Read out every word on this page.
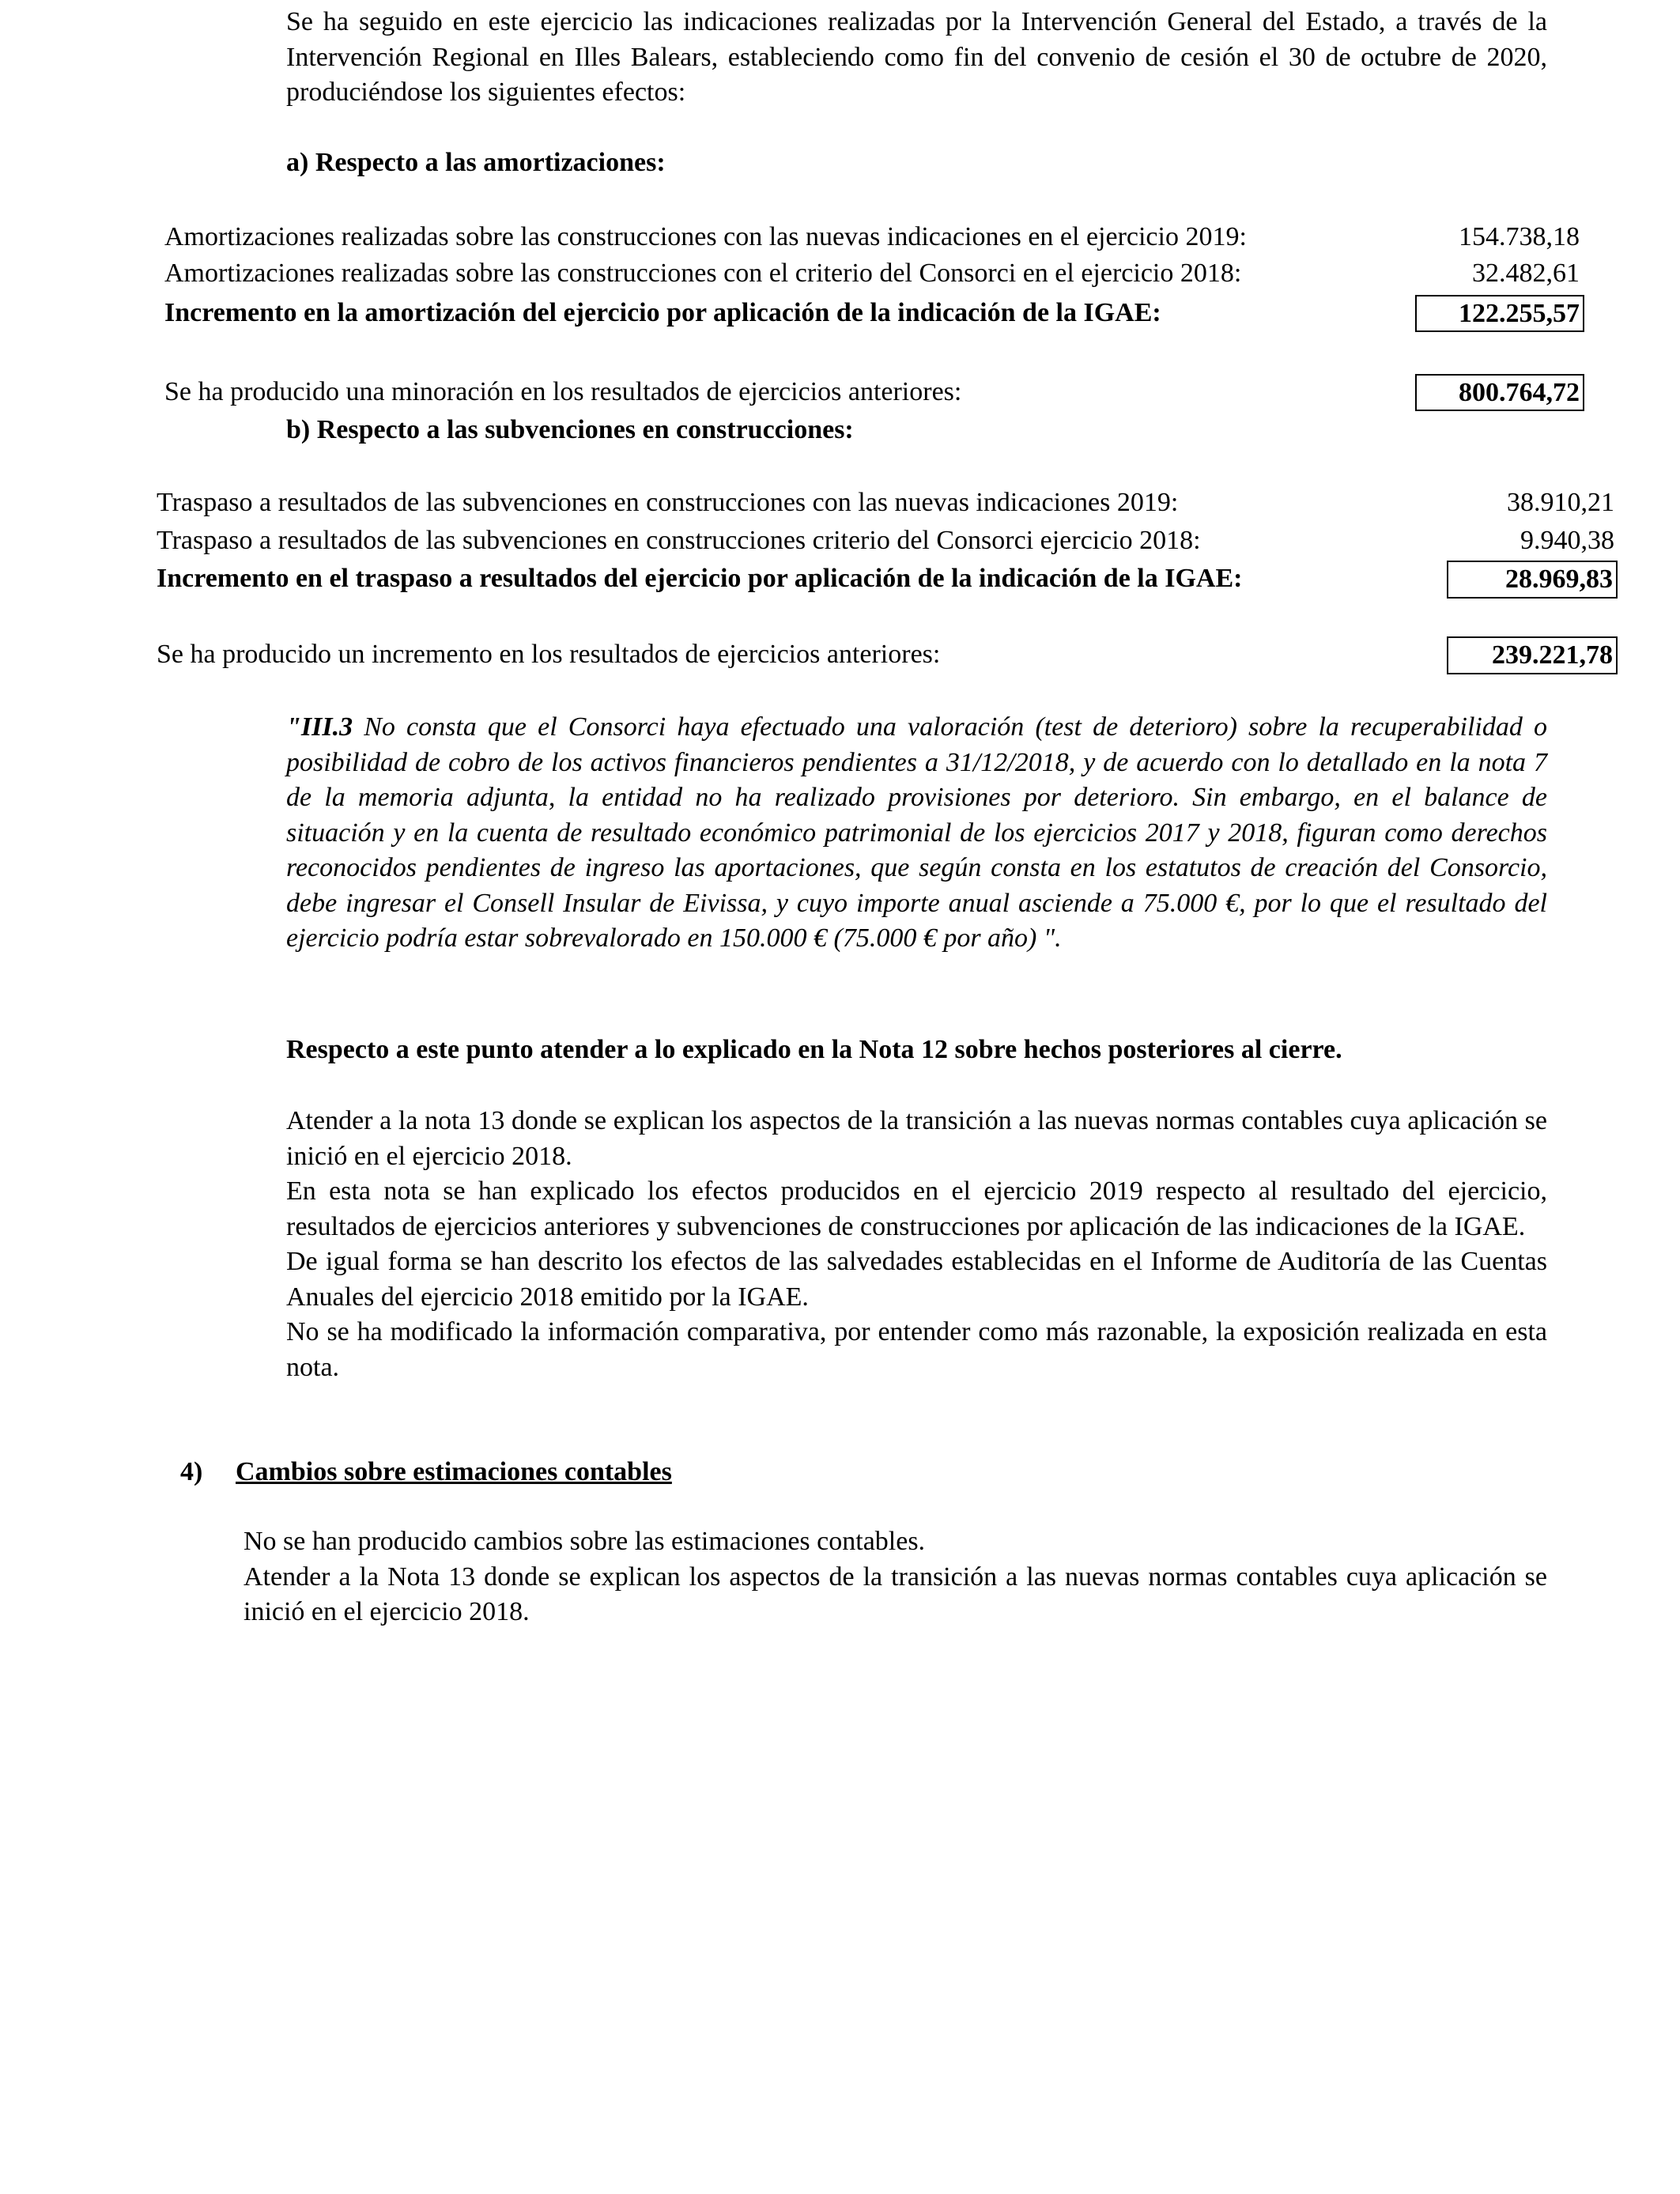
Se ha seguido en este ejercicio las indicaciones realizadas por la Intervención General del Estado, a través de la Intervención Regional en Illes Balears, estableciendo como fin del convenio de cesión el 30 de octubre de 2020, produciéndose los siguientes efectos:

a) Respecto a las amortizaciones:
Amortizaciones realizadas sobre las construcciones con las nuevas indicaciones en el ejercicio 2019:	154.738,18
Amortizaciones realizadas sobre las construcciones con el criterio del Consorci en el ejercicio 2018:	32.482,61
Incremento en la amortización del ejercicio por aplicación de la indicación de la IGAE:	122.255,57
Se ha producido una minoración en los resultados de ejercicios anteriores:	800.764,72
b) Respecto a las subvenciones en construcciones:
Traspaso a resultados de las subvenciones en construcciones con las nuevas indicaciones 2019:	38.910,21
Traspaso a resultados de las subvenciones en construcciones criterio del Consorci ejercicio 2018:	9.940,38
Incremento en el traspaso a resultados del ejercicio por aplicación de la indicación de la IGAE:	28.969,83
Se ha producido un incremento en los resultados de ejercicios anteriores:	239.221,78

"III.3 No consta que el Consorci haya efectuado una valoración (test de deterioro) sobre la recuperabilidad o posibilidad de cobro de los activos financieros pendientes a 31/12/2018, y de acuerdo con lo detallado en la nota 7 de la memoria adjunta, la entidad no ha realizado provisiones por deterioro. Sin embargo, en el balance de situación y en la cuenta de resultado económico patrimonial de los ejercicios 2017 y 2018, figuran como derechos reconocidos pendientes de ingreso las aportaciones, que según consta en los estatutos de creación del Consorcio, debe ingresar el Consell Insular de Eivissa, y cuyo importe anual asciende a 75.000 €, por lo que el resultado del ejercicio podría estar sobrevalorado en 150.000 € (75.000 € por año) ".

Respecto a este punto atender a lo explicado en la Nota 12 sobre hechos posteriores al cierre.

Atender a la nota 13 donde se explican los aspectos de la transición a las nuevas normas contables cuya aplicación se inició en el ejercicio 2018.

En esta nota se han explicado los efectos producidos en el ejercicio 2019 respecto al resultado del ejercicio, resultados de ejercicios anteriores y subvenciones de construcciones por aplicación de las indicaciones de la IGAE.

De igual forma se han descrito los efectos de las salvedades establecidas en el Informe de Auditoría de las Cuentas Anuales del ejercicio 2018 emitido por la IGAE.

No se ha modificado la información comparativa, por entender como más razonable, la exposición realizada en esta nota.

4) Cambios sobre estimaciones contables

No se han producido cambios sobre las estimaciones contables.

Atender a la Nota 13 donde se explican los aspectos de la transición a las nuevas normas contables cuya aplicación se inició en el ejercicio 2018.
